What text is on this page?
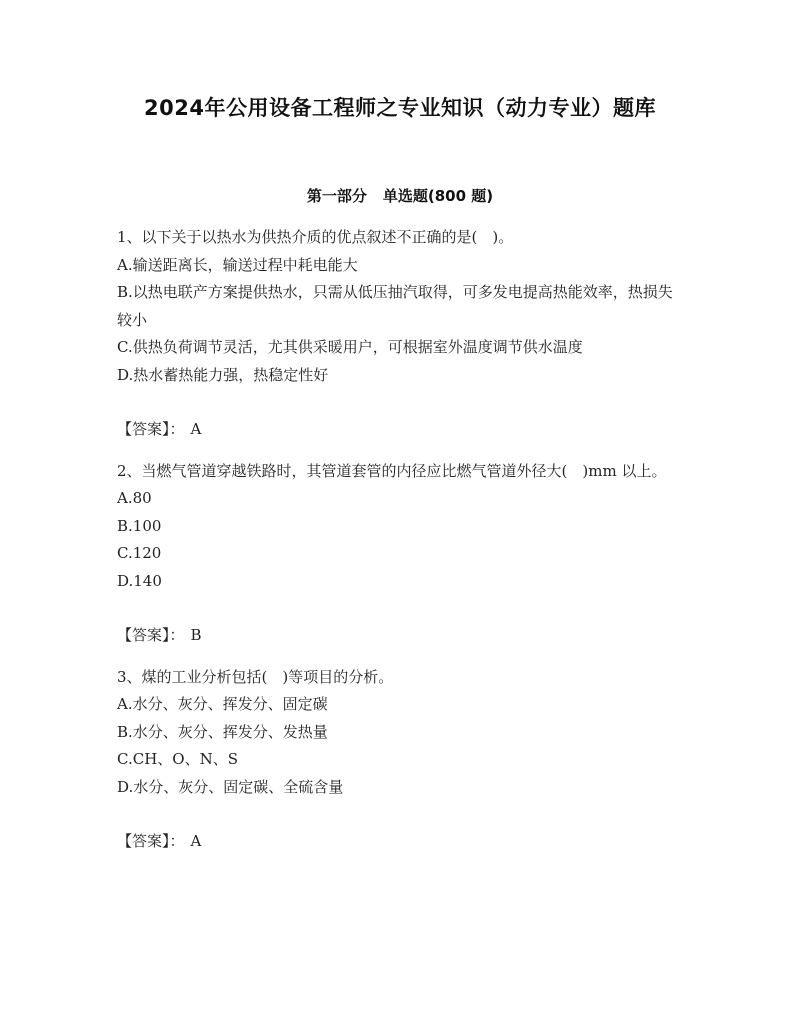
2024年公用设备工程师之专业知识（动力专业）题库
第一部分 单选题(800 题)
1、以下关于以热水为供热介质的优点叙述不正确的是(　)。
A.输送距离长，输送过程中耗电能大
B.以热电联产方案提供热水，只需从低压抽汽取得，可多发电提高热能效率，热损失较小
C.供热负荷调节灵活，尤其供采暖用户，可根据室外温度调节供水温度
D.热水蓄热能力强，热稳定性好
【答案】： A
2、当燃气管道穿越铁路时，其管道套管的内径应比燃气管道外径大(　)mm 以上。
A.80
B.100
C.120
D.140
【答案】： B
3、煤的工业分析包括(　)等项目的分析。
A.水分、灰分、挥发分、固定碳
B.水分、灰分、挥发分、发热量
C.CH、O、N、S
D.水分、灰分、固定碳、全硫含量
【答案】： A
